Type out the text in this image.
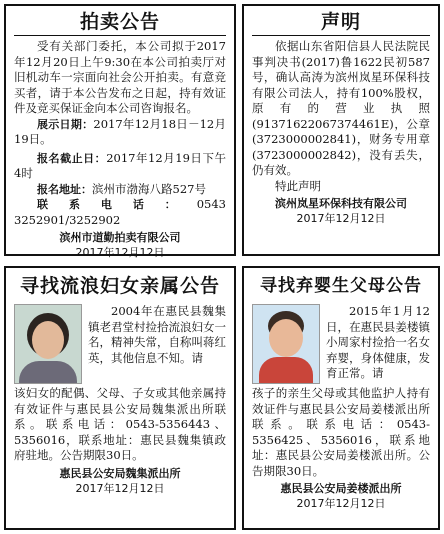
拍卖公告
受有关部门委托，本公司拟于2017年12月20日上午9:30在本公司拍卖厅对旧机动车一宗面向社会公开拍卖。有意竞买者，请于本公告发布之日起，持有效证件及竞买保证金向本公司咨询报名。
展示日期：2017年12月18日－12月19日。
报名截止日：2017年12月19日下午4时
报名地址：滨州市渤海八路527号
联系电话：0543 3252901/3252902
滨州市道勤拍卖有限公司
2017年12月12日
声明
依据山东省阳信县人民法院民事判决书(2017)鲁1622民初587号，确认高涛为滨州岚星环保科技有限公司法人，持有100%股权，原有的营业执照(91371622067374461E)，公章(3723000002841)，财务专用章(3723000002842)，没有丢失，仍有效。
特此声明
滨州岚星环保科技有限公司
2017年12月12日
寻找流浪妇女亲属公告
2004年在惠民县魏集镇老君堂村捡拾流浪妇女一名，精神失常，自称叫蒋红英，其他信息不知。请
该妇女的配偶、父母、子女或其他亲属持有效证件与惠民县公安局魏集派出所联系。联系电话：0543-5356443、5356016，联系地址：惠民县魏集镇政府驻地。公告期限30日。
惠民县公安局魏集派出所
2017年12月12日
寻找弃婴生父母公告
2015年1月12日，在惠民县姜楼镇小周家村捡拾一名女弃婴，身体健康，发育正常。请
孩子的亲生父母或其他监护人持有效证件与惠民县公安局姜楼派出所联系。联系电话：0543-5356425、5356016，联系地址：惠民县公安局姜楼派出所。公告期限30日。
惠民县公安局姜楼派出所
2017年12月12日
